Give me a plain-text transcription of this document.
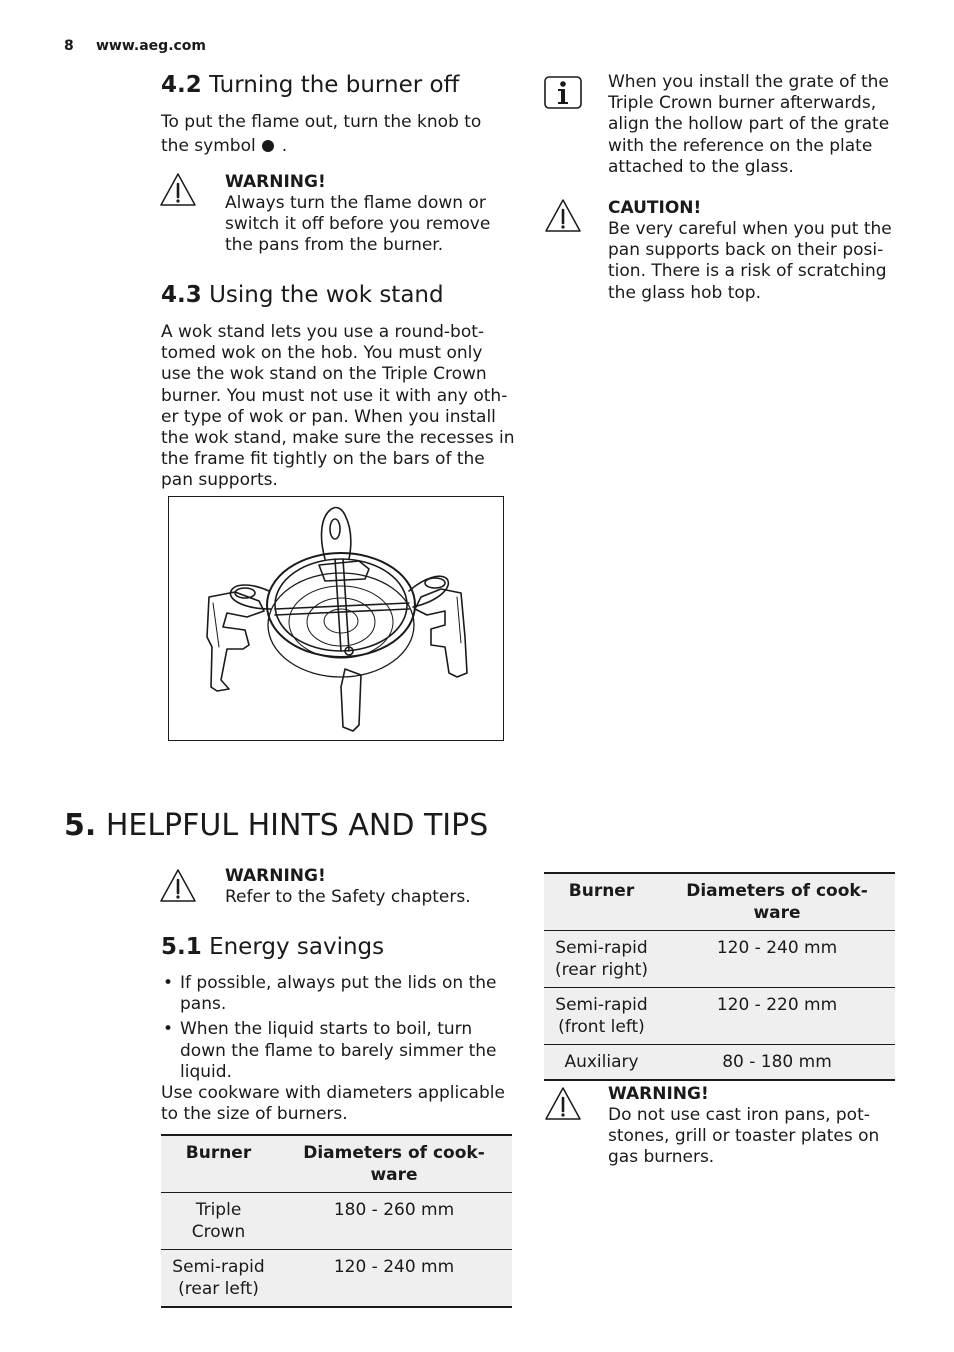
8 www.aeg.com
4.2 Turning the burner off
To put the flame out, turn the knob to
the symbol .
WARNING!
Always turn the flame down or
switch it off before you remove
the pans from the burner.
4.3 Using the wok stand
A wok stand lets you use a round-bot-
tomed wok on the hob. You must only
use the wok stand on the Triple Crown
burner. You must not use it with any oth-
er type of wok or pan. When you install
the wok stand, make sure the recesses in
the frame fit tightly on the bars of the
pan supports.
When you install the grate of the
Triple Crown burner afterwards,
align the hollow part of the grate
with the reference on the plate
attached to the glass.
CAUTION!
Be very careful when you put the
pan supports back on their posi-
tion. There is a risk of scratching
the glass hob top.
5. HELPFUL HINTS AND TIPS
WARNING!
Refer to the Safety chapters.
5.1 Energy savings
• If possible, always put the lids on the
pans.
• When the liquid starts to boil, turn
down the flame to barely simmer the
liquid.
Use cookware with diameters applicable
to the size of burners.
Burner	Diameters of cook-
ware

Triple
Crown	180 - 260 mm

Semi-rapid
(rear left)	120 - 240 mm
Burner	Diameters of cook-
ware

Semi-rapid
(rear right)	120 - 240 mm

Semi-rapid
(front left)	120 - 220 mm

Auxiliary	80 - 180 mm
WARNING!
Do not use cast iron pans, pot-
stones, grill or toaster plates on
gas burners.
